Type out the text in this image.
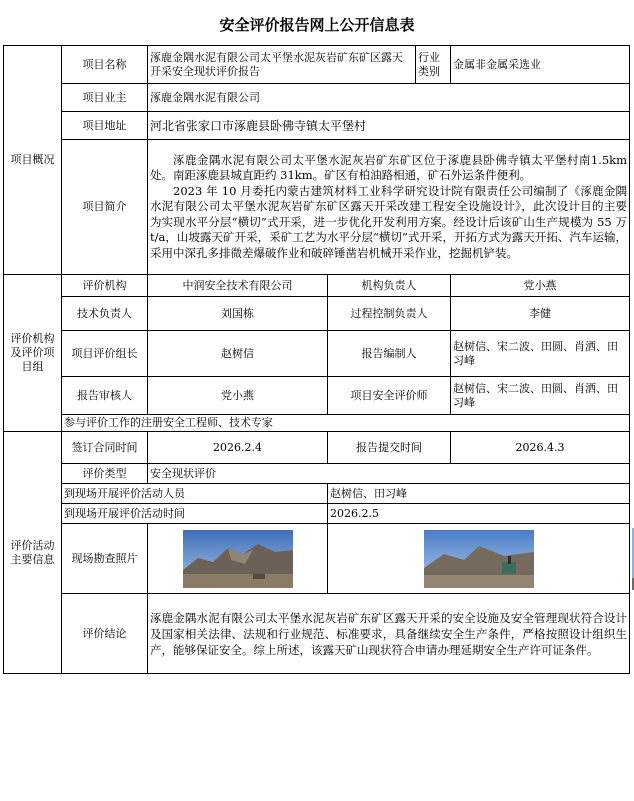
安全评价报告网上公开信息表
项目概况	项目名称	涿鹿金隅水泥有限公司太平堡水泥灰岩矿东矿区露天开采安全现状评价报告		行业类别	金属非金属采选业	
	项目业主	涿鹿金隅水泥有限公司				
	项目地址	河北省张家口市涿鹿县卧佛寺镇太平堡村				
	项目简介	涿鹿金隅水泥有限公司太平堡水泥灰岩矿东矿区位于涿鹿县卧佛寺镇太平堡村南1.5km处。南距涿鹿县城直距约 31km。矿区有柏油路相通，矿石外运条件便利。

2023 年 10 月委托内蒙古建筑材料工业科学研究设计院有限责任公司编制了《涿鹿金隅水泥有限公司太平堡水泥灰岩矿东矿区露天开采改建工程安全设施设计》，此次设计目的主要为实现水平分层“横切”式开采，进一步优化开发利用方案。经设计后该矿山生产规模为 55 万 t/a，山坡露天矿开采，采矿工艺为水平分层“横切”式开采，开拓方式为露天开拓、汽车运输，采用中深孔多排微差爆破作业和破碎锤凿岩机械开采作业，挖掘机铲装。				

评价机构及评价项目组	评价机构	中润安全技术有限公司	机构负责人		党小燕	
	技术负责人	刘国栋	过程控制负责人		李健	
	项目评价组长	赵树信	报告编制人		赵树信、宋二波、田圆、肖洒、田习峰	
	报告审核人	党小燕	项目安全评价师		赵树信、宋二波、田圆、肖洒、田习峰	
	参与评价工作的注册安全工程师、技术专家					
评价活动主要信息	签订合同时间	2026.2.4	报告提交时间		2026.4.3	
	评价类型	安全现状评价				
	到现场开展评价活动人员		赵树信、田习峰			
	到现场开展评价活动时间		2026.2.5			
	现场勘查照片	

	评价结论	涿鹿金隅水泥有限公司太平堡水泥灰岩矿东矿区露天开采的安全设施及安全管理现状符合设计及国家相关法律、法规和行业规范、标准要求，具备继续安全生产条件，严格按照设计组织生产，能够保证安全。综上所述，该露天矿山现状符合申请办理延期安全生产许可证条件。				
